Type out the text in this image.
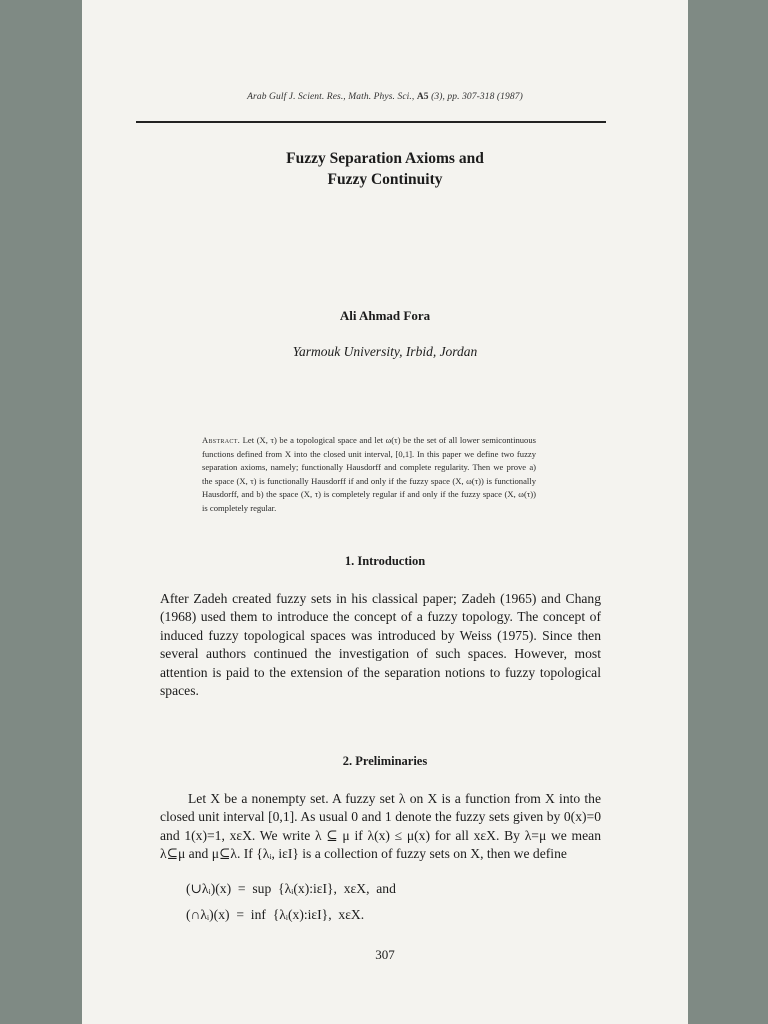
Arab Gulf J. Scient. Res., Math. Phys. Sci., A5 (3), pp. 307-318 (1987)
Fuzzy Separation Axioms and
Fuzzy Continuity
Ali Ahmad Fora
Yarmouk University, Irbid, Jordan
Abstract. Let (X, τ) be a topological space and let ω(τ) be the set of all lower semicontinuous functions defined from X into the closed unit interval, [0,1]. In this paper we define two fuzzy separation axioms, namely; functionally Hausdorff and complete regularity. Then we prove a) the space (X, τ) is functionally Hausdorff if and only if the fuzzy space (X, ω(τ)) is functionally Hausdorff, and b) the space (X, τ) is completely regular if and only if the fuzzy space (X, ω(τ)) is completely regular.
1. Introduction
After Zadeh created fuzzy sets in his classical paper; Zadeh (1965) and Chang (1968) used them to introduce the concept of a fuzzy topology. The concept of induced fuzzy topological spaces was introduced by Weiss (1975). Since then several authors continued the investigation of such spaces. However, most attention is paid to the extension of the separation notions to fuzzy topological spaces.
2. Preliminaries
Let X be a nonempty set. A fuzzy set λ on X is a function from X into the closed unit interval [0,1]. As usual 0 and 1 denote the fuzzy sets given by 0(x)=0 and 1(x)=1, xεX. We write λ ⊆ μ if λ(x) ≤ μ(x) for all xεX. By λ=μ we mean λ⊆μ and μ⊆λ. If {λᵢ, iεI} is a collection of fuzzy sets on X, then we define
(∪λᵢ)(x)  =  sup  {λᵢ(x):iεI},  xεX,  and
(∩λᵢ)(x)  =  inf  {λᵢ(x):iεI},  xεX.
307
